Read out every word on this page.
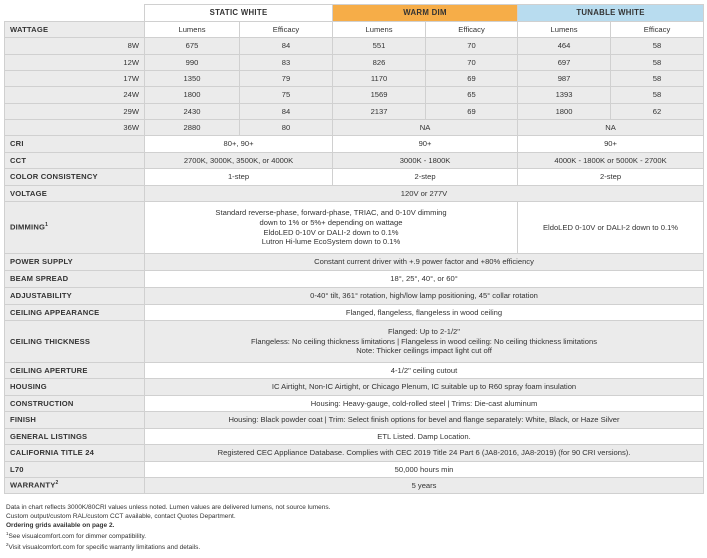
	STATIC WHITE		WARM DIM		TUNABLE WHITE	
WATTAGE	Lumens	Efficacy	Lumens	Efficacy	Lumens	Efficacy
8W	675	84	551	70	464	58
12W	990	83	826	70	697	58
17W	1350	79	1170	69	987	58
24W	1800	75	1569	65	1393	58
29W	2430	84	2137	69	1800	62
36W	2880	80	NA		NA	
CRI	80+, 90+		90+		90+	
CCT	2700K, 3000K, 3500K, or 4000K		3000K - 1800K		4000K - 1800K or 5000K - 2700K	
COLOR CONSISTENCY	1-step		2-step		2-step	
VOLTAGE	120V or 277V					
DIMMING$^1$	Standard reverse-phase, forward-phase, TRIAC, and 0-10V dimming
down to 1% or 5%+ depending on wattage
EldoLED 0-10V or DALI-2 down to 0.1%
Lutron Hi-lume EcoSystem down to 0.1%				EldoLED 0-10V or DALI-2 down to 0.1%	
POWER SUPPLY	Constant current driver with +.9 power factor and +80% efficiency					
BEAM SPREAD	18°, 25°, 40°, or 60°					
ADJUSTABILITY	0-40° tilt, 361° rotation, high/low lamp positioning, 45° collar rotation					
CEILING APPEARANCE	Flanged, flangeless, flangeless in wood ceiling					
CEILING THICKNESS	Flanged: Up to 2-1/2"
Flangeless: No ceiling thickness limitations | Flangeless in wood ceiling: No ceiling thickness limitations
Note: Thicker ceilings impact light cut off					

CEILING APERTURE	4-1/2" ceiling cutout					
HOUSING	IC Airtight, Non-IC Airtight, or Chicago Plenum, IC suitable up to R60 spray foam insulation					
CONSTRUCTION	Housing: Heavy-gauge, cold-rolled steel | Trims: Die-cast aluminum					
FINISH	Housing: Black powder coat | Trim: Select finish options for bevel and flange separately: White, Black, or Haze Silver					
GENERAL LISTINGS	ETL Listed. Damp Location.					
CALIFORNIA TITLE 24	Registered CEC Appliance Database. Complies with CEC 2019 Title 24 Part 6 (JA8-2016, JA8-2019) (for 90 CRI versions).					
L70	50,000 hours min					
WARRANTY$^2$	5 years					
Data in chart reflects 3000K/80CRI values unless noted. Lumen values are delivered lumens, not source lumens.
Custom output/custom RAL/custom CCT available, contact Quotes Department.
Ordering grids available on page 2.
$^1$See visualcomfort.com for dimmer compatibility.
$^2$Visit visualcomfort.com for specific warranty limitations and details.
